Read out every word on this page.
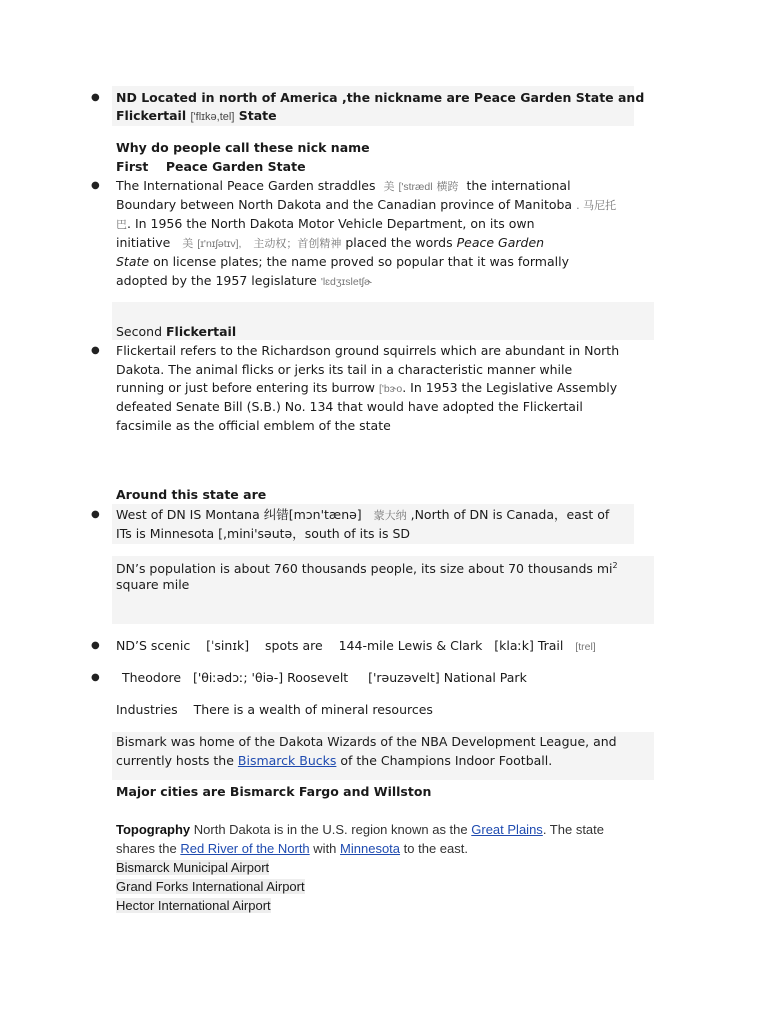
● ND Located in north of America ,the nickname are Peace Garden State and
Flickertail ['flɪkə,tel] State
Why do people call these nick name
First Peace Garden State
● The International Peace Garden straddles 美 ['strædl 横跨 the international
Boundary between North Dakota and the Canadian province of Manitoba . 马尼托
巴. In 1956 the North Dakota Motor Vehicle Department, on its own
initiative 美 [ɪ'nɪʃətɪv], 主动权；首创精神 placed the words Peace Garden
State on license plates; the name proved so popular that it was formally
adopted by the 1957 legislature 'lɛdʒɪsletʃɚ
Second Flickertail
● Flickertail refers to the Richardson ground squirrels which are abundant in North
Dakota. The animal flicks or jerks its tail in a characteristic manner while
running or just before entering its burrow ['bɝo. In 1953 the Legislative Assembly
defeated Senate Bill (S.B.) No. 134 that would have adopted the Flickertail
facsimile as the official emblem of the state
Around this state are
● West of DN IS Montana 纠错[mɔn'tænə] 蒙大纳 ,North of DN is Canada，east of
ITs is Minnesota [,mini'səutə，south of its is SD
DN’s population is about 760 thousands people, its size about 70 thousands $mi^2$
square mile
● ND’S scenic [ˈsinɪk] spots are 144-mile Lewis & Clark [klaːk] Trail [trel]
● Theodore ['θiːədɔː; 'θiə-] Roosevelt ['rəuzəvelt] National Park
Industries There is a wealth of mineral resources
Bismark was home of the Dakota Wizards of the NBA Development League, and
currently hosts the Bismarck Bucks of the Champions Indoor Football.
Major cities are Bismarck Fargo and Willston
Topography North Dakota is in the U.S. region known as the Great Plains. The state
shares the Red River of the North with Minnesota to the east.
Bismarck Municipal Airport
Grand Forks International Airport
Hector International Airport
